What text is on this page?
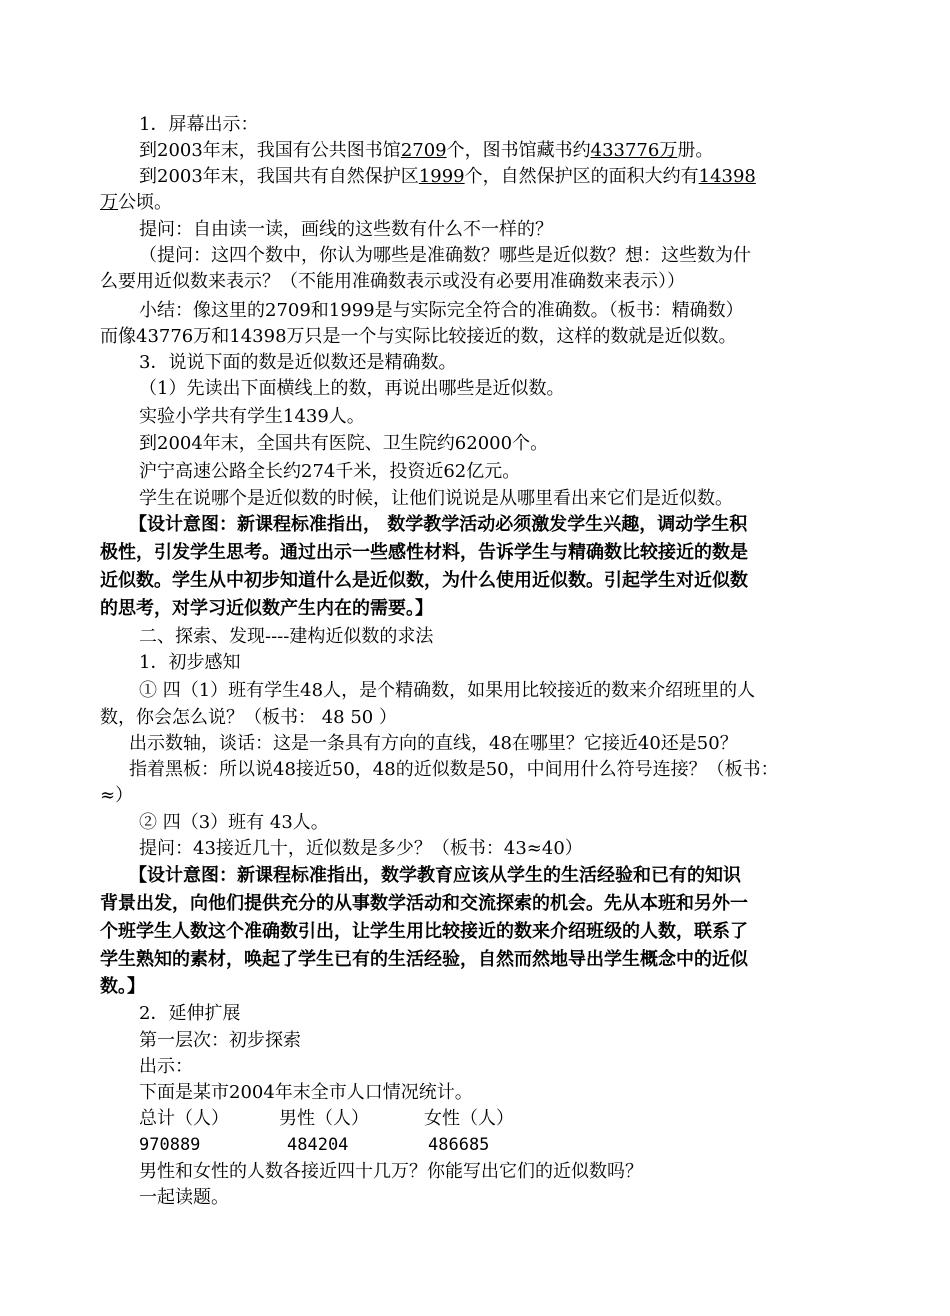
1．屏幕出示：
到2003年末，我国有公共图书馆2709个，图书馆藏书约433776万册。
到2003年末，我国共有自然保护区1999个，自然保护区的面积大约有14398
万公顷。
提问：自由读一读，画线的这些数有什么不一样的？
（提问：这四个数中，你认为哪些是准确数？哪些是近似数？想：这些数为什
么要用近似数来表示？（不能用准确数表示或没有必要用准确数来表示））
小结：像这里的2709和1999是与实际完全符合的准确数。（板书：精确数）
而像43776万和14398万只是一个与实际比较接近的数，这样的数就是近似数。
3．说说下面的数是近似数还是精确数。
（1）先读出下面横线上的数，再说出哪些是近似数。
实验小学共有学生1439人。
到2004年末，全国共有医院、卫生院约62000个。
沪宁高速公路全长约274千米，投资近62亿元。
学生在说哪个是近似数的时候，让他们说说是从哪里看出来它们是近似数。
【设计意图：新课程标准指出， 数学教学活动必须激发学生兴趣，调动学生积
极性，引发学生思考。通过出示一些感性材料，告诉学生与精确数比较接近的数是
近似数。学生从中初步知道什么是近似数，为什么使用近似数。引起学生对近似数
的思考，对学习近似数产生内在的需要。】
二、探索、发现----建构近似数的求法
1．初步感知
① 四（1）班有学生48人，是个精确数，如果用比较接近的数来介绍班里的人
数，你会怎么说？（板书： 48 50 ）
出示数轴，谈话：这是一条具有方向的直线，48在哪里？它接近40还是50？
指着黑板：所以说48接近50，48的近似数是50，中间用什么符号连接？（板书：
≈）
② 四（3）班有 43人。
提问：43接近几十，近似数是多少？（板书：43≈40）
【设计意图：新课程标准指出，数学教育应该从学生的生活经验和已有的知识
背景出发，向他们提供充分的从事数学活动和交流探索的机会。先从本班和另外一
个班学生人数这个准确数引出，让学生用比较接近的数来介绍班级的人数，联系了
学生熟知的素材，唤起了学生已有的生活经验，自然而然地导出学生概念中的近似
数。】
2．延伸扩展
第一层次：初步探索
出示：
下面是某市2004年末全市人口情况统计。
总计（人）	男性（人）	女性（人）
970889	484204	486685
男性和女性的人数各接近四十几万？你能写出它们的近似数吗？
一起读题。
